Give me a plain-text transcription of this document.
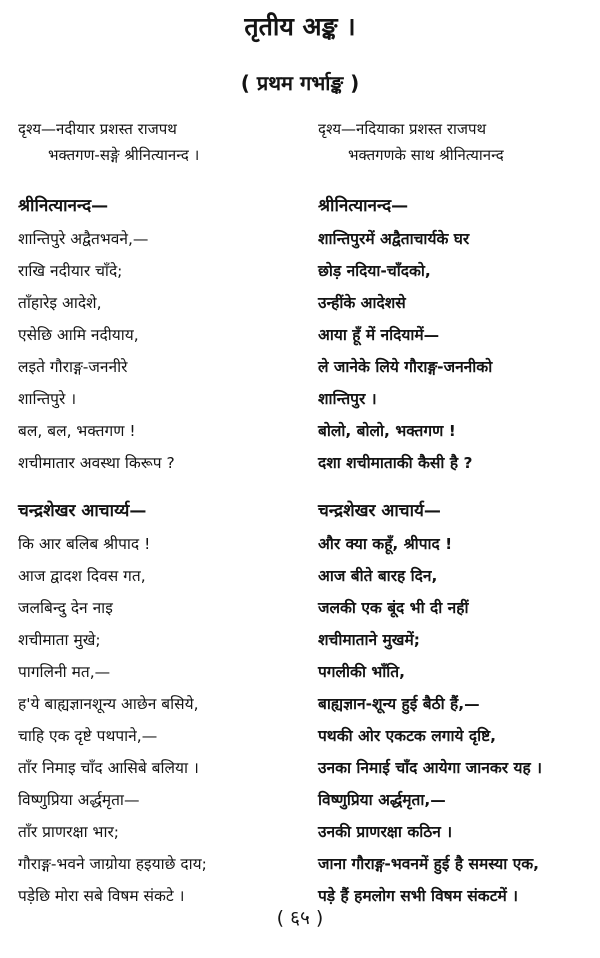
तृतीय अङ्क ।
( प्रथम गर्भाङ्क )
दृश्य—नदीयार प्रशस्त राजपथ
भक्तगण-सङ्गे श्रीनित्यानन्द ।
श्रीनित्यानन्द—
शान्तिपुरे अद्वैतभवने,—
राखि नदीयार चाँदे;
ताँहारेइ आदेशे,
एसेछि आमि नदीयाय,
लइते गौराङ्ग-जननीरे
शान्तिपुरे ।
बल, बल, भक्तगण !
शचीमातार अवस्था किरूप ?
चन्द्रशेखर आचार्य्य—
कि आर बलिब श्रीपाद !
आज द्वादश दिवस गत,
जलबिन्दु देन नाइ
शचीमाता मुखे;
पागलिनी मत,—
ह'ये बाह्यज्ञानशून्य आछेन बसिये,
चाहि एक दृष्टे पथपाने,—
ताँर निमाइ चाँद आसिबे बलिया ।
विष्णुप्रिया अर्द्धमृता—
ताँर प्राणरक्षा भार;
गौराङ्ग-भवने जाग्रोया हइयाछे दाय;
पड़ेछि मोरा सबे विषम संकटे ।
दृश्य—नदियाका प्रशस्त राजपथ
भक्तगणके साथ श्रीनित्यानन्द
श्रीनित्यानन्द—
शान्तिपुरमें अद्वैताचार्यके घर
छोड़ नदिया-चाँदको,
उन्हींके आदेशसे
आया हूँ में नदियामें—
ले जानेके लिये गौराङ्ग-जननीको
शान्तिपुर ।
बोलो, बोलो, भक्तगण !
दशा शचीमाताकी कैसी है ?
चन्द्रशेखर आचार्य—
और क्या कहूँ, श्रीपाद !
आज बीते बारह दिन,
जलकी एक बूंद भी दी नहीं
शचीमाताने मुखमें;
पगलीकी भाँति,
बाह्यज्ञान-शून्य हुई बैठी हैं,—
पथकी ओर एकटक लगाये दृष्टि,
उनका निमाई चाँद आयेगा जानकर यह ।
विष्णुप्रिया अर्द्धमृता,—
उनकी प्राणरक्षा कठिन ।
जाना गौराङ्ग-भवनमें हुई है समस्या एक,
पड़े हैं हमलोग सभी विषम संकटमें ।
( ६५ )
